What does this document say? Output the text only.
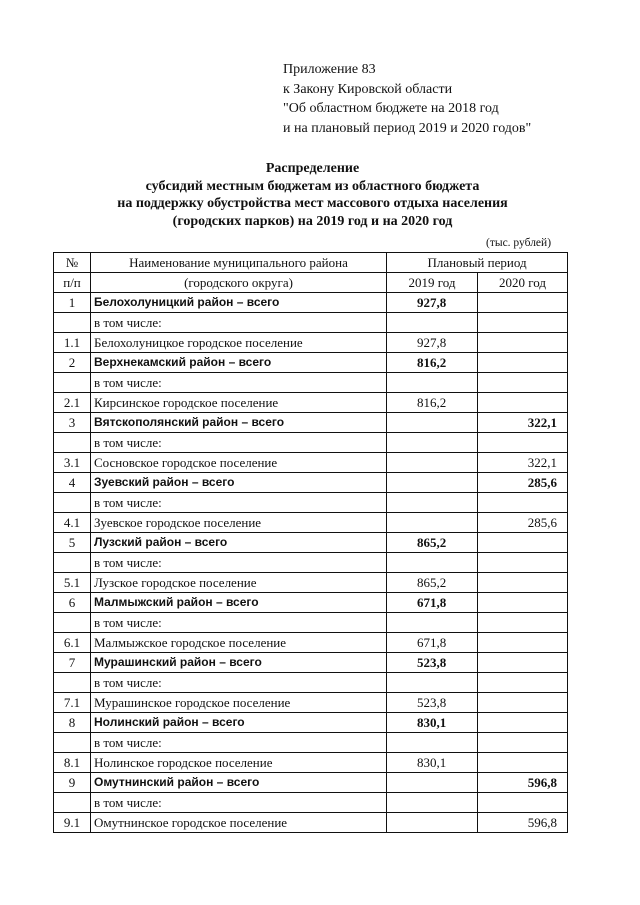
Приложение 83
к Закону Кировской области
"Об областном бюджете на 2018 год
и на плановый период 2019 и 2020 годов"
Распределение
субсидий местным бюджетам из областного бюджета
на поддержку обустройства мест массового отдыха населения
(городских парков) на 2019 год и на 2020 год
(тыс. рублей)
№	Наименование муниципального района	Плановый период	
п/п	(городского округа)	2019 год	2020 год
1	Белохолуницкий район – всего	927,8	
	в том числе:		
1.1	Белохолуницкое городское поселение	927,8	
2	Верхнекамский район – всего	816,2	
	в том числе:		
2.1	Кирсинское городское поселение	816,2	
3	Вятскополянский район – всего		322,1
	в том числе:		
3.1	Сосновское городское поселение		322,1
4	Зуевский район – всего		285,6
	в том числе:		
4.1	Зуевское городское поселение		285,6
5	Лузский район – всего	865,2	
	в том числе:		
5.1	Лузское городское поселение	865,2	
6	Малмыжский район – всего	671,8	
	в том числе:		
6.1	Малмыжское городское поселение	671,8	
7	Мурашинский район – всего	523,8	
	в том числе:		
7.1	Мурашинское городское поселение	523,8	
8	Нолинский район – всего	830,1	
	в том числе:		
8.1	Нолинское городское поселение	830,1	
9	Омутнинский район – всего		596,8
	в том числе:		
9.1	Омутнинское городское поселение		596,8
